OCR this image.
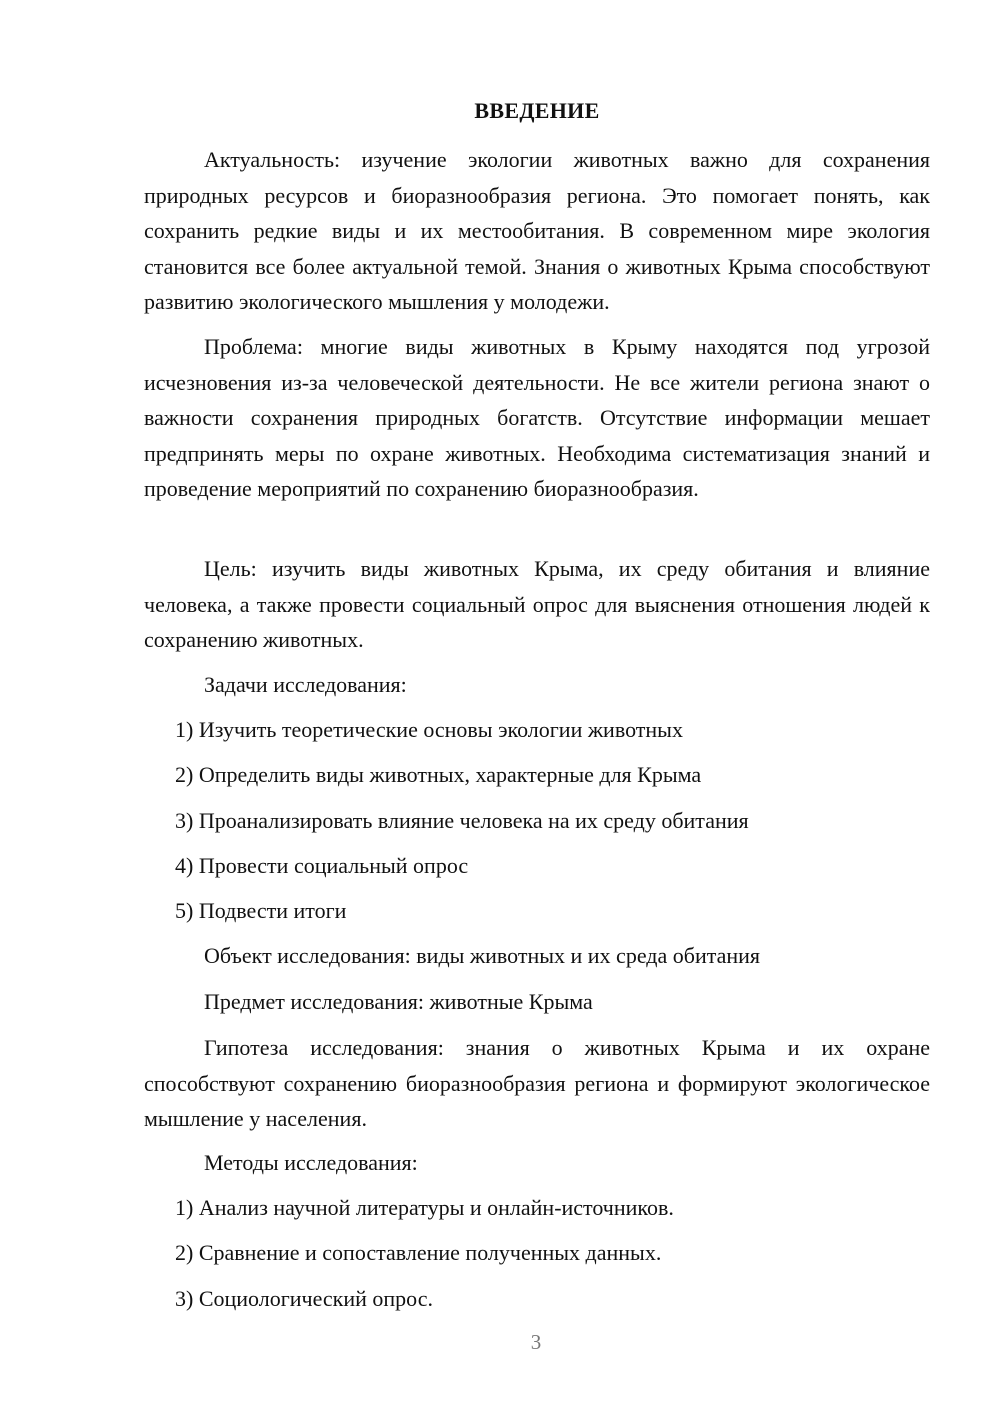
ВВЕДЕНИЕ

Актуальность: изучение экологии животных важно для сохранения природных ресурсов и биоразнообразия региона. Это помогает понять, как сохранить редкие виды и их местообитания. В современном мире экология становится все более актуальной темой. Знания о животных Крыма способствуют развитию экологического мышления у молодежи.

Проблема: многие виды животных в Крыму находятся под угрозой исчезновения из-за человеческой деятельности. Не все жители региона знают о важности сохранения природных богатств. Отсутствие информации мешает предпринять меры по охране животных. Необходима систематизация знаний и проведение мероприятий по сохранению биоразнообразия.

Цель: изучить виды животных Крыма, их среду обитания и влияние человека, а также провести социальный опрос для выяснения отношения людей к сохранению животных.

Задачи исследования:
1) Изучить теоретические основы экологии животных
2) Определить виды животных, характерные для Крыма
3) Проанализировать влияние человека на их среду обитания
4) Провести социальный опрос
5) Подвести итоги
Объект исследования: виды животных и их среда обитания
Предмет исследования: животные Крыма

Гипотеза исследования: знания о животных Крыма и их охране способствуют сохранению биоразнообразия региона и формируют экологическое мышление у населения.

Методы исследования:
1) Анализ научной литературы и онлайн-источников.
2) Сравнение и сопоставление полученных данных.
3) Социологический опрос.
3
